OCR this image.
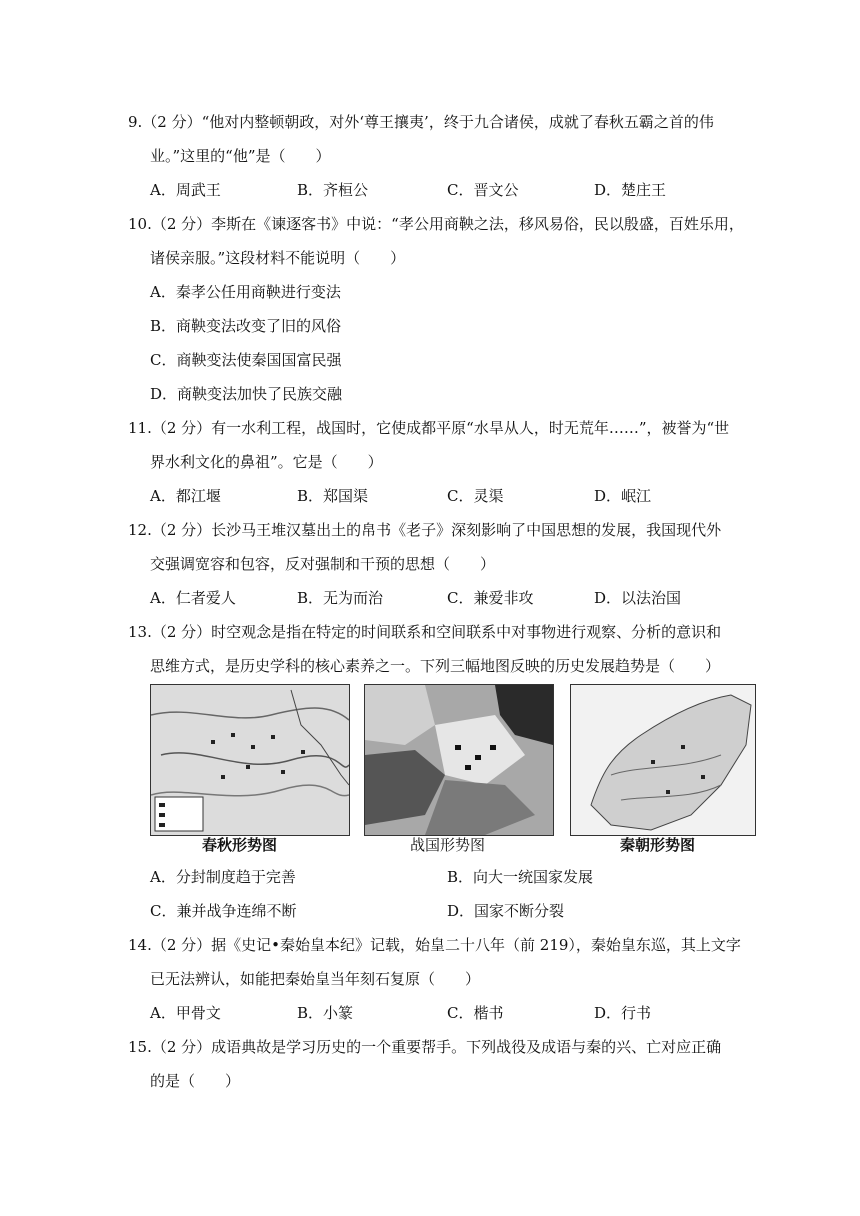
9.（2 分）“他对内整顿朝政，对外‘尊王攘夷’，终于九合诸侯，成就了春秋五霸之首的伟
业。”这里的“他”是（　　）
A．周武王	B．齐桓公	C．晋文公	D．楚庄王
10.（2 分）李斯在《谏逐客书》中说：“孝公用商鞅之法，移风易俗，民以殷盛，百姓乐用，
诸侯亲服。”这段材料不能说明（　　）
A．秦孝公任用商鞅进行变法
B．商鞅变法改变了旧的风俗
C．商鞅变法使秦国国富民强
D．商鞅变法加快了民族交融
11.（2 分）有一水利工程，战国时，它使成都平原“水旱从人，时无荒年……”，被誉为“世
界水利文化的鼻祖”。它是（　　）
A．都江堰	B．郑国渠	C．灵渠	D．岷江
12.（2 分）长沙马王堆汉墓出土的帛书《老子》深刻影响了中国思想的发展，我国现代外
交强调宽容和包容，反对强制和干预的思想（　　）
A．仁者爱人	B．无为而治	C．兼爱非攻	D．以法治国
13.（2 分）时空观念是指在特定的时间联系和空间联系中对事物进行观察、分析的意识和
思维方式，是历史学科的核心素养之一。下列三幅地图反映的历史发展趋势是（　　）
春秋形势图	战国形势图	秦朝形势图
A．分封制度趋于完善	B．向大一统国家发展
C．兼并战争连绵不断	D．国家不断分裂
14.（2 分）据《史记•秦始皇本纪》记载，始皇二十八年（前 219），秦始皇东巡，其上文字
已无法辨认，如能把秦始皇当年刻石复原（　　）
A．甲骨文	B．小篆	C．楷书	D．行书
15.（2 分）成语典故是学习历史的一个重要帮手。下列战役及成语与秦的兴、亡对应正确
的是（　　）
